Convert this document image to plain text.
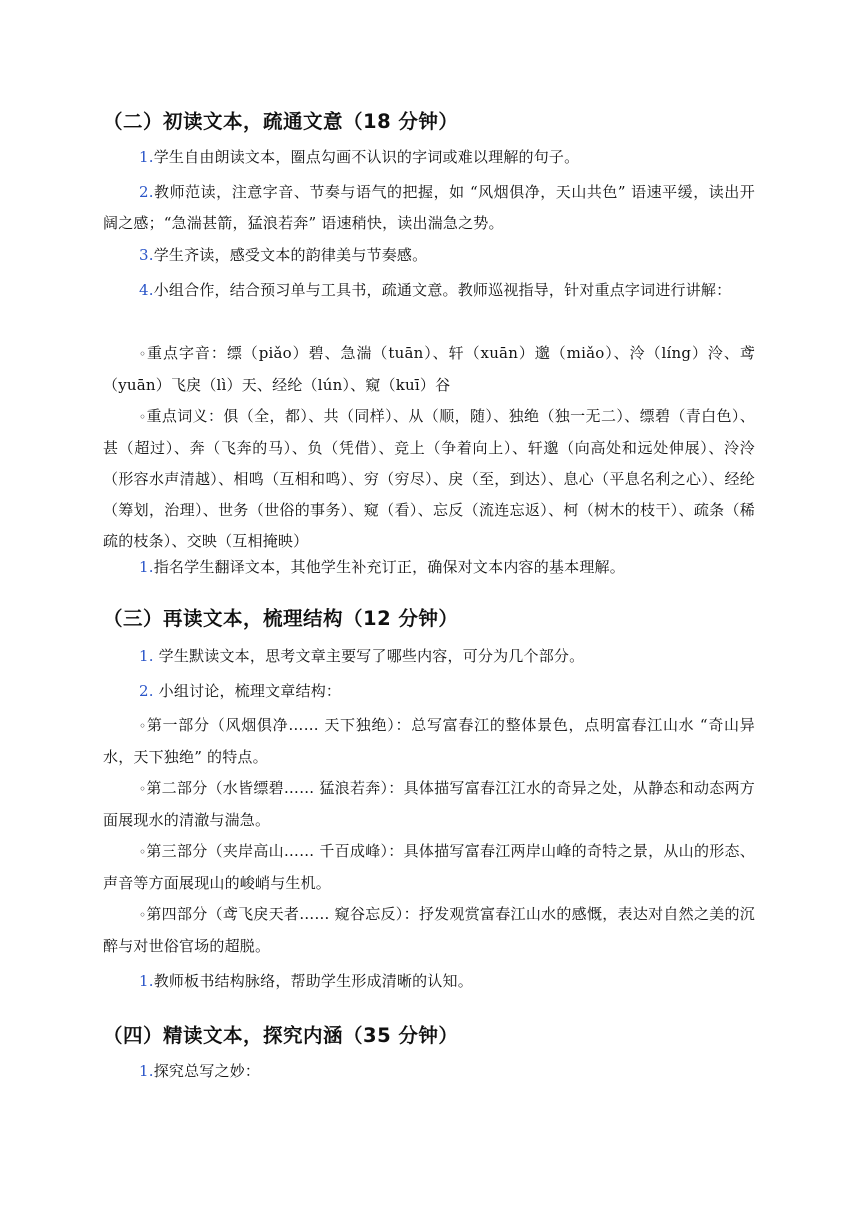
（二）初读文本，疏通文意（18 分钟）
1.学生自由朗读文本，圈点勾画不认识的字词或难以理解的句子。
2.教师范读，注意字音、节奏与语气的把握，如 “风烟俱净，天山共色” 语速平缓，读出开阔之感；“急湍甚箭，猛浪若奔” 语速稍快，读出湍急之势。
3.学生齐读，感受文本的韵律美与节奏感。
4.小组合作，结合预习单与工具书，疏通文意。教师巡视指导，针对重点字词进行讲解：
◦重点字音：缥（piǎo）碧、急湍（tuān）、轩（xuān）邈（miǎo）、泠（líng）泠、鸢（yuān）飞戾（lì）天、经纶（lún）、窥（kuī）谷
◦重点词义：俱（全，都）、共（同样）、从（顺，随）、独绝（独一无二）、缥碧（青白色）、甚（超过）、奔（飞奔的马）、负（凭借）、竞上（争着向上）、轩邈（向高处和远处伸展）、泠泠（形容水声清越）、相鸣（互相和鸣）、穷（穷尽）、戾（至，到达）、息心（平息名利之心）、经纶（筹划，治理）、世务（世俗的事务）、窥（看）、忘反（流连忘返）、柯（树木的枝干）、疏条（稀疏的枝条）、交映（互相掩映）
1.指名学生翻译文本，其他学生补充订正，确保对文本内容的基本理解。
（三）再读文本，梳理结构（12 分钟）
1. 学生默读文本，思考文章主要写了哪些内容，可分为几个部分。
2. 小组讨论，梳理文章结构：
◦第一部分（风烟俱净…… 天下独绝）：总写富春江的整体景色，点明富春江山水 “奇山异水，天下独绝” 的特点。
◦第二部分（水皆缥碧…… 猛浪若奔）：具体描写富春江江水的奇异之处，从静态和动态两方面展现水的清澈与湍急。
◦第三部分（夹岸高山…… 千百成峰）：具体描写富春江两岸山峰的奇特之景，从山的形态、声音等方面展现山的峻峭与生机。
◦第四部分（鸢飞戾天者…… 窥谷忘反）：抒发观赏富春江山水的感慨，表达对自然之美的沉醉与对世俗官场的超脱。
1.教师板书结构脉络，帮助学生形成清晰的认知。
（四）精读文本，探究内涵（35 分钟）
1.探究总写之妙：
